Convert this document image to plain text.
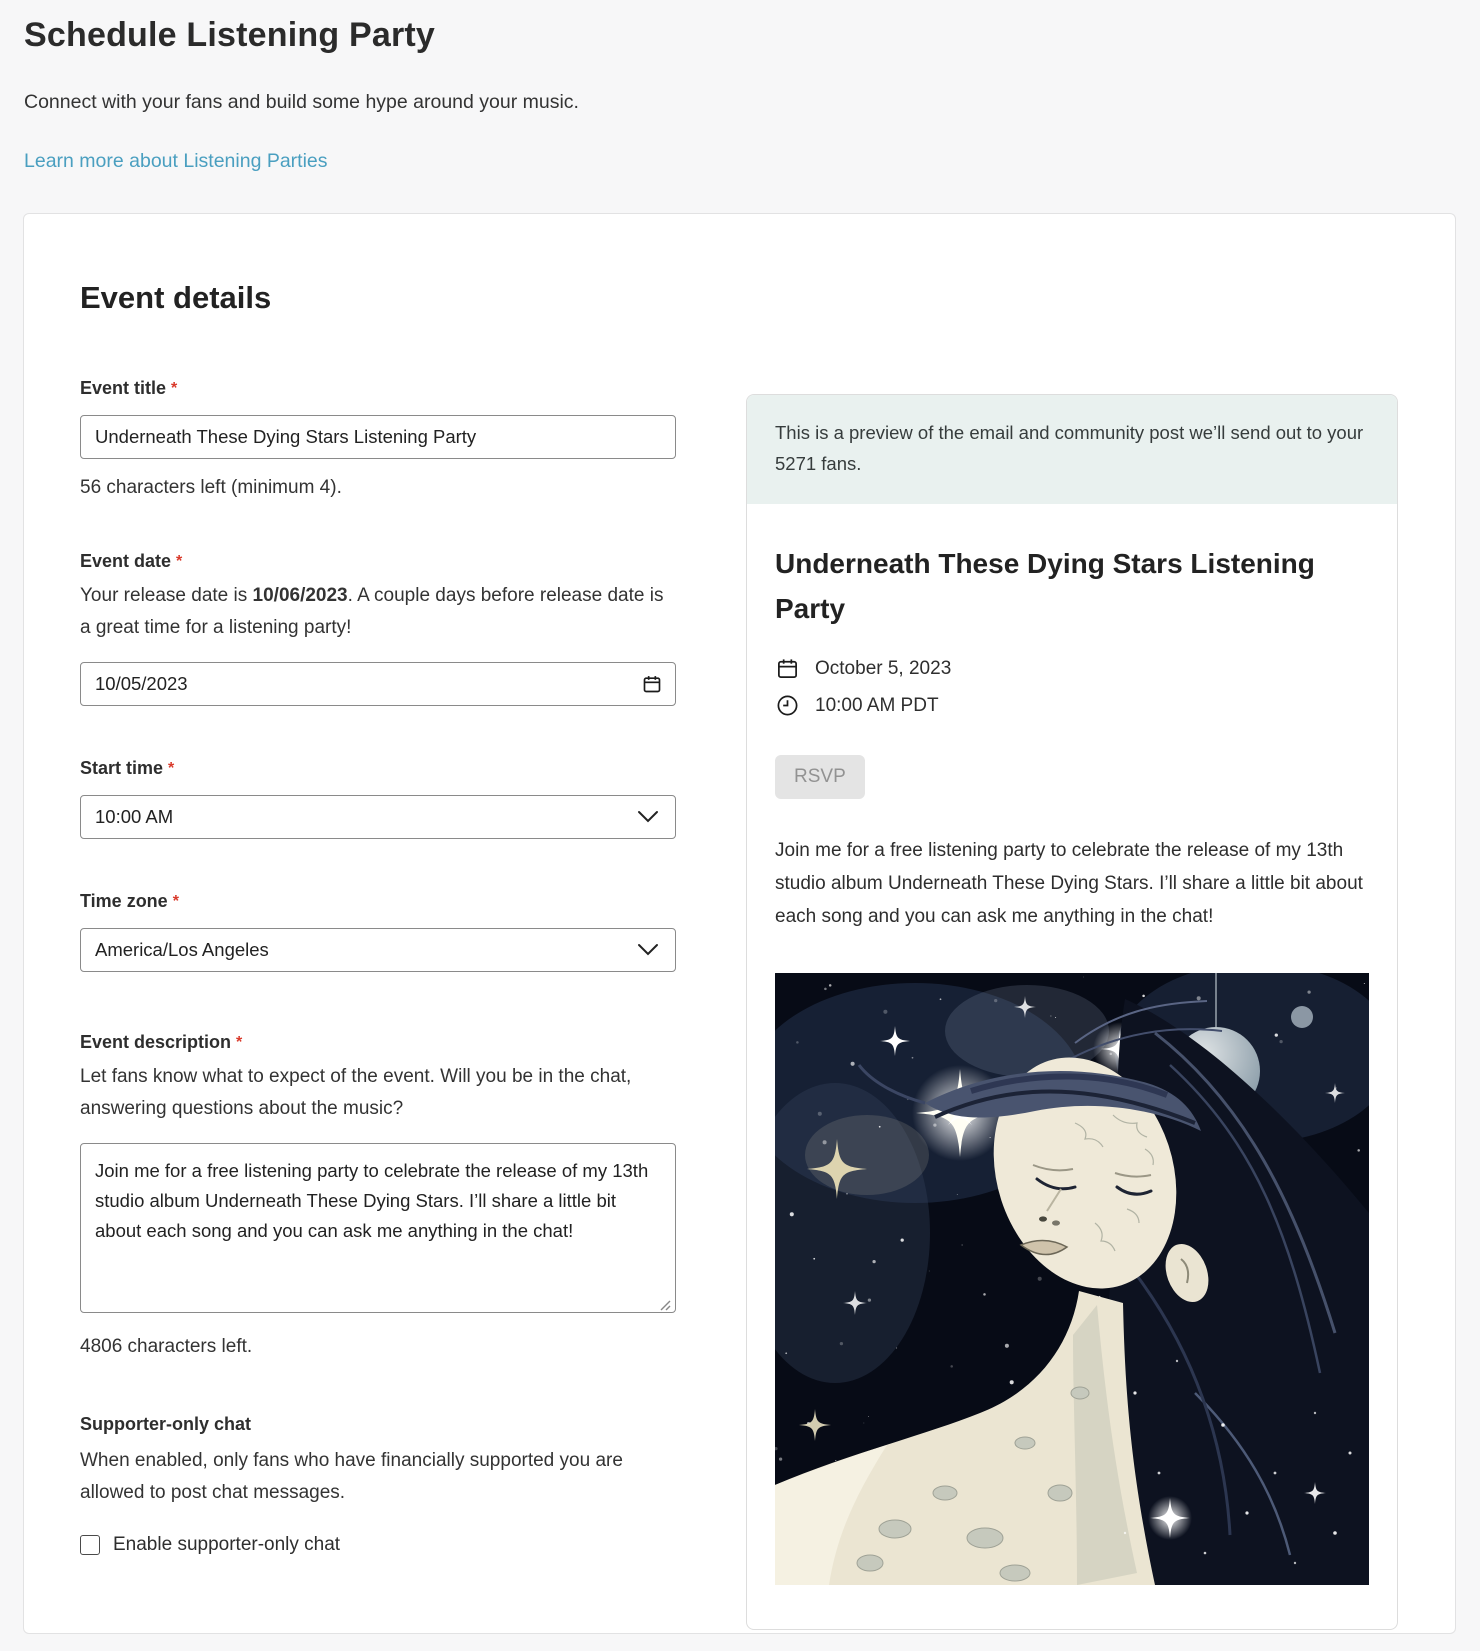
Schedule Listening Party
Connect with your fans and build some hype around your music.
Learn more about Listening Parties
Event details
Event title *
Underneath These Dying Stars Listening Party
56 characters left (minimum 4).
Event date *

Your release date is 10/06/2023. A couple days before release date is a great time for a listening party!

10/05/2023
Start time *
10:00 AM
Time zone *
America/Los Angeles
Event description *

Let fans know what to expect of the event. Will you be in the chat, answering questions about the music?

Join me for a free listening party to celebrate the release of my 13th studio album Underneath These Dying Stars. I’ll share a little bit about each song and you can ask me anything in the chat!
4806 characters left.
Supporter-only chat

When enabled, only fans who have financially supported you are allowed to post chat messages.

Enable supporter-only chat
This is a preview of the email and community post we’ll send out to your 5271 fans.
Underneath These Dying Stars Listening Party
October 5, 2023
10:00 AM PDT
RSVP
Join me for a free listening party to celebrate the release of my 13th studio album Underneath These Dying Stars. I’ll share a little bit about each song and you can ask me anything in the chat!
